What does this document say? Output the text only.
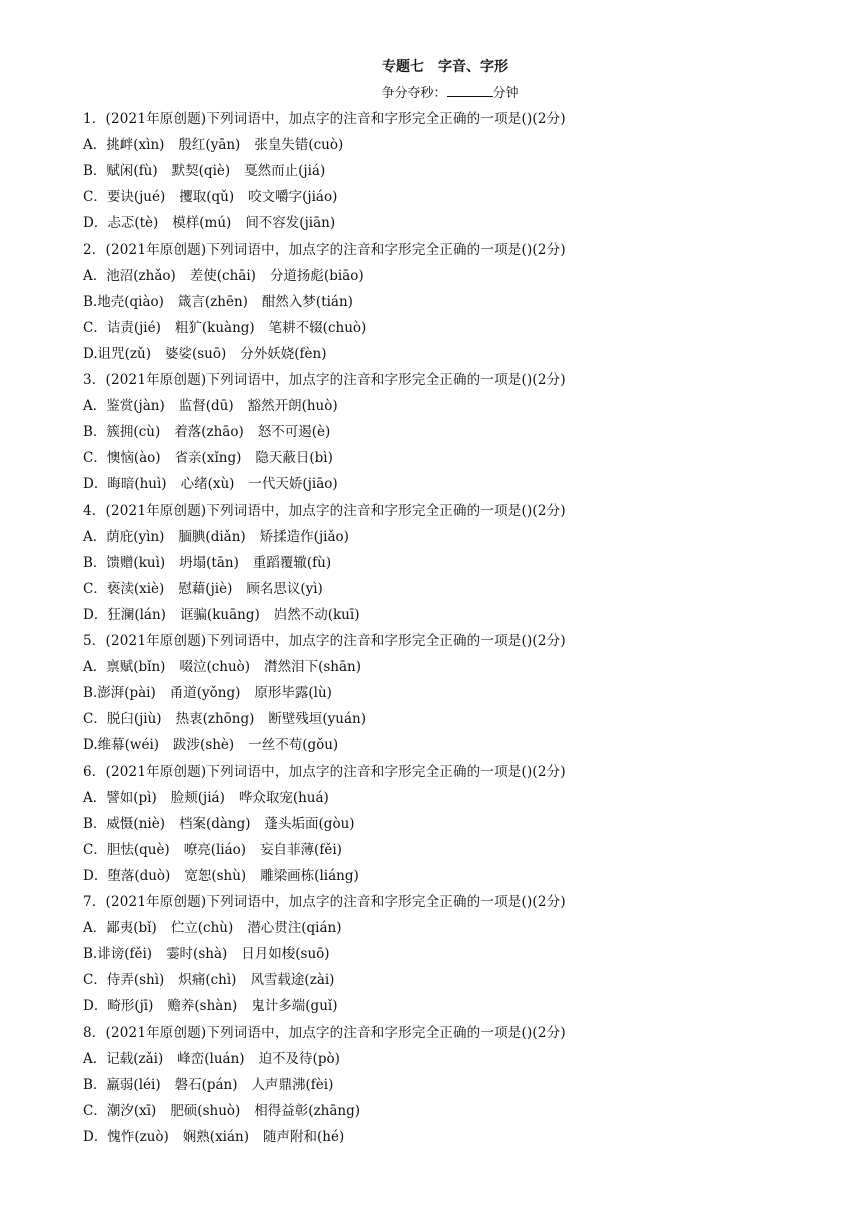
专题七　字音、字形
争分夺秒：	分钟
1．(2021年原创题)下列词语中，加点字的注音和字形完全正确的一项是()(2分)
A．挑衅(xìn) 殷红(yān) 张皇失错(cuò)
B．赋闲(fù) 默契(qiè) 戛然而止(jiá)
C．要诀(jué) 攫取(qǔ) 咬文嚼字(jiáo)
D．忐忑(tè) 模样(mú) 间不容发(jiān)
2．(2021年原创题)下列词语中，加点字的注音和字形完全正确的一项是()(2分)
A．池沼(zhǎo) 差使(chāi) 分道扬彪(biāo)
B.地壳(qiào) 箴言(zhēn) 酣然入梦(tián)
C．诘责(jié) 粗犷(kuàng) 笔耕不辍(chuò)
D.诅咒(zǔ) 婆娑(suō) 分外妖娆(fèn)
3．(2021年原创题)下列词语中，加点字的注音和字形完全正确的一项是()(2分)
A．鉴赏(jàn) 监督(dū) 豁然开朗(huò)
B．簇拥(cù) 着落(zhāo) 怒不可遏(è)
C．懊恼(ào) 省亲(xǐng) 隐天蔽日(bì)
D．晦暗(huì) 心绪(xù) 一代天娇(jiāo)
4．(2021年原创题)下列词语中，加点字的注音和字形完全正确的一项是()(2分)
A．荫庇(yìn) 腼腆(diǎn) 矫揉造作(jiǎo)
B．馈赠(kuì) 坍塌(tān) 重蹈覆辙(fù)
C．亵渎(xiè) 慰藉(jiè) 顾名思议(yì)
D．狂澜(lán) 诓骗(kuāng) 岿然不动(kuī)
5．(2021年原创题)下列词语中，加点字的注音和字形完全正确的一项是()(2分)
A．禀赋(bǐn) 啜泣(chuò) 潸然泪下(shān)
B.澎湃(pài) 甬道(yǒng) 原形毕露(lù)
C．脱臼(jiù) 热衷(zhōng) 断壁残垣(yuán)
D.维幕(wéi) 跋涉(shè) 一丝不苟(gǒu)
6．(2021年原创题)下列词语中，加点字的注音和字形完全正确的一项是()(2分)
A．譬如(pì) 脸颊(jiá) 哗众取宠(huá)
B．威慑(niè) 档案(dàng) 蓬头垢面(gòu)
C．胆怯(què) 嘹亮(liáo) 妄自菲薄(fěi)
D．堕落(duò) 宽恕(shù) 雕梁画栋(liáng)
7．(2021年原创题)下列词语中，加点字的注音和字形完全正确的一项是()(2分)
A．鄙夷(bǐ) 伫立(chù) 潜心贯注(qián)
B.诽谤(fěi) 霎时(shà) 日月如梭(suō)
C．侍弄(shì) 炽痛(chì) 风雪载途(zài)
D．畸形(jī) 赡养(shàn) 鬼计多端(guǐ)
8．(2021年原创题)下列词语中，加点字的注音和字形完全正确的一项是()(2分)
A．记载(zǎi) 峰峦(luán) 迫不及待(pò)
B．羸弱(léi) 磐石(pán) 人声鼎沸(fèi)
C．潮汐(xī) 肥硕(shuò) 相得益彰(zhāng)
D．愧怍(zuò) 娴熟(xián) 随声附和(hé)
